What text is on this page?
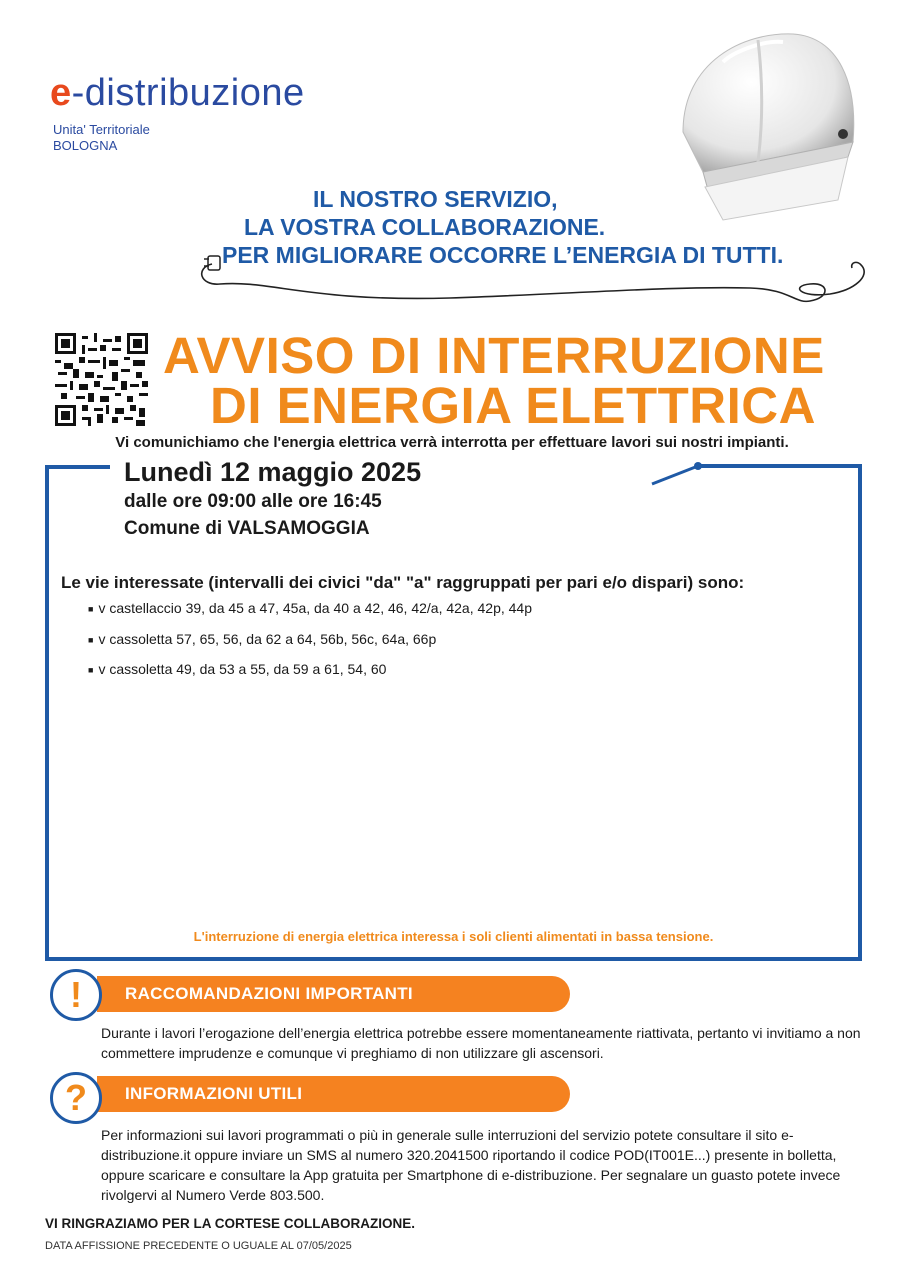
e-distribuzione
Unita' Territoriale
BOLOGNA
IL NOSTRO SERVIZIO,
LA VOSTRA COLLABORAZIONE.
PER MIGLIORARE OCCORRE L’ENERGIA DI TUTTI.
AVVISO DI INTERRUZIONE
DI ENERGIA ELETTRICA
Vi comunichiamo che l'energia elettrica verrà interrotta per effettuare lavori sui nostri impianti.
Lunedì 12 maggio 2025
dalle ore 09:00 alle ore 16:45
Comune di VALSAMOGGIA
Le vie interessate (intervalli dei civici "da" "a" raggruppati per pari e/o dispari) sono:
■ v castellaccio 39, da 45 a 47, 45a, da 40 a 42, 46, 42/a, 42a, 42p, 44p
■ v cassoletta 57, 65, 56, da 62 a 64, 56b, 56c, 64a, 66p
■ v cassoletta 49, da 53 a 55, da 59 a 61, 54, 60
L'interruzione di energia elettrica interessa i soli clienti alimentati in bassa tensione.
RACCOMANDAZIONI IMPORTANTI
!
Durante i lavori l’erogazione dell’energia elettrica potrebbe essere momentaneamente riattivata, pertanto vi invitiamo a non commettere imprudenze e comunque vi preghiamo di non utilizzare gli ascensori.
INFORMAZIONI UTILI
?
Per informazioni sui lavori programmati o più in generale sulle interruzioni del servizio potete consultare il sito e-distribuzione.it oppure inviare un SMS al numero 320.2041500 riportando il codice POD(IT001E...) presente in bolletta, oppure scaricare e consultare la App gratuita per Smartphone di e-distribuzione. Per segnalare un guasto potete invece rivolgervi al Numero Verde 803.500.
VI RINGRAZIAMO PER LA CORTESE COLLABORAZIONE.
DATA AFFISSIONE PRECEDENTE O UGUALE AL 07/05/2025
